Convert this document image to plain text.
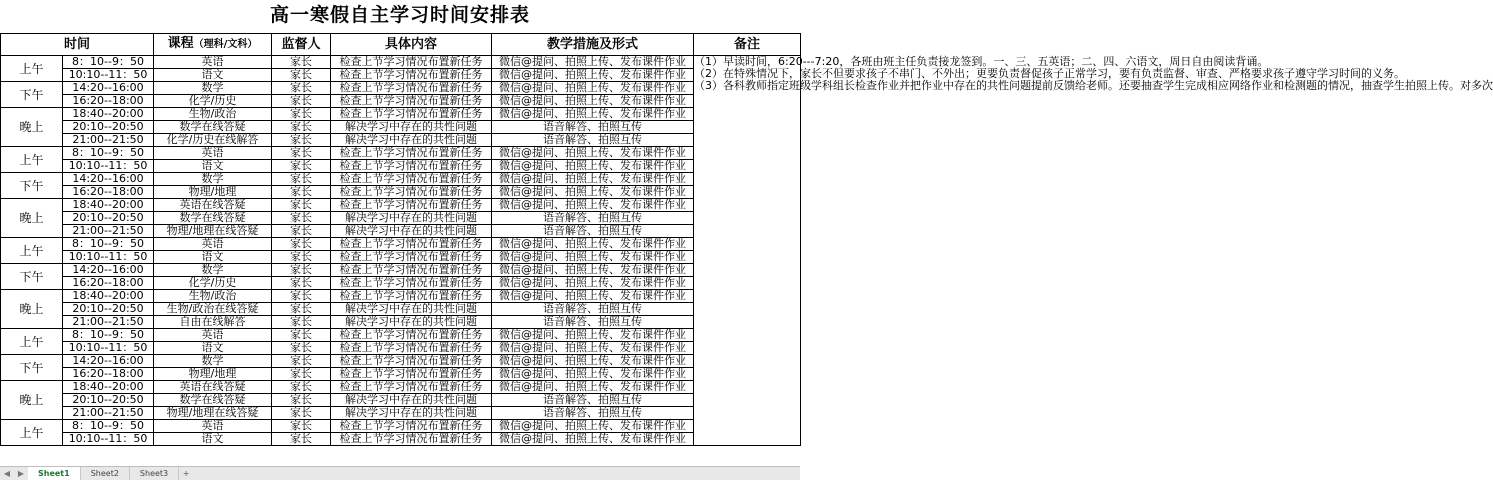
高一寒假自主学习时间安排表
时间		课程（理科/文科）	监督人	具体内容	教学措施及形式	备注
上午	8：10--9：50	英语	家长	检查上节学习情况布置新任务	微信@提问、拍照上传、发布课件作业	（1）早读时间，6:20---7:20，各班由班主任负责接龙签到。一、三、五英语；二、四、六语文，周日自由阅读背诵。

（2）在特殊情况下，家长不但要求孩子不串门、不外出；更要负责督促孩子正常学习，要有负责监督、审查、严格要求孩子遵守学习时间的义务。

（3）各科教师指定班级学科组长检查作业并把作业中存在的共性问题提前反馈给老师。还要抽查学生完成相应网络作业和检测题的情况，抽查学生拍照上传。对多次

	10:10--11：50	语文	家长	检查上节学习情况布置新任务	微信@提问、拍照上传、发布课件作业	
下午	14:20--16:00	数学	家长	检查上节学习情况布置新任务	微信@提问、拍照上传、发布课件作业	
	16:20--18:00	化学/历史	家长	检查上节学习情况布置新任务	微信@提问、拍照上传、发布课件作业	
晚上	18:40--20:00	生物/政治	家长	检查上节学习情况布置新任务	微信@提问、拍照上传、发布课件作业	
	20:10--20:50	数学在线答疑	家长	解决学习中存在的共性问题	语音解答、拍照互传	
	21:00--21:50	化学/历史在线解答	家长	解决学习中存在的共性问题	语音解答、拍照互传	
上午	8：10--9：50	英语	家长	检查上节学习情况布置新任务	微信@提问、拍照上传、发布课件作业	
	10:10--11：50	语文	家长	检查上节学习情况布置新任务	微信@提问、拍照上传、发布课件作业	
下午	14:20--16:00	数学	家长	检查上节学习情况布置新任务	微信@提问、拍照上传、发布课件作业	
	16:20--18:00	物理/地理	家长	检查上节学习情况布置新任务	微信@提问、拍照上传、发布课件作业	
晚上	18:40--20:00	英语在线答疑	家长	检查上节学习情况布置新任务	微信@提问、拍照上传、发布课件作业	
	20:10--20:50	数学在线答疑	家长	解决学习中存在的共性问题	语音解答、拍照互传	
	21:00--21:50	物理/地理在线答疑	家长	解决学习中存在的共性问题	语音解答、拍照互传	
上午	8：10--9：50	英语	家长	检查上节学习情况布置新任务	微信@提问、拍照上传、发布课件作业	
	10:10--11：50	语文	家长	检查上节学习情况布置新任务	微信@提问、拍照上传、发布课件作业	
下午	14:20--16:00	数学	家长	检查上节学习情况布置新任务	微信@提问、拍照上传、发布课件作业	
	16:20--18:00	化学/历史	家长	检查上节学习情况布置新任务	微信@提问、拍照上传、发布课件作业	
晚上	18:40--20:00	生物/政治	家长	检查上节学习情况布置新任务	微信@提问、拍照上传、发布课件作业	
	20:10--20:50	生物/政治在线答疑	家长	解决学习中存在的共性问题	语音解答、拍照互传	
	21:00--21:50	自由在线解答	家长	解决学习中存在的共性问题	语音解答、拍照互传	
上午	8：10--9：50	英语	家长	检查上节学习情况布置新任务	微信@提问、拍照上传、发布课件作业	
	10:10--11：50	语文	家长	检查上节学习情况布置新任务	微信@提问、拍照上传、发布课件作业	
下午	14:20--16:00	数学	家长	检查上节学习情况布置新任务	微信@提问、拍照上传、发布课件作业	
	16:20--18:00	物理/地理	家长	检查上节学习情况布置新任务	微信@提问、拍照上传、发布课件作业	
晚上	18:40--20:00	英语在线答疑	家长	检查上节学习情况布置新任务	微信@提问、拍照上传、发布课件作业	
	20:10--20:50	数学在线答疑	家长	解决学习中存在的共性问题	语音解答、拍照互传	
	21:00--21:50	物理/地理在线答疑	家长	解决学习中存在的共性问题	语音解答、拍照互传	
上午	8：10--9：50	英语	家长	检查上节学习情况布置新任务	微信@提问、拍照上传、发布课件作业	
	10:10--11：50	语文	家长	检查上节学习情况布置新任务	微信@提问、拍照上传、发布课件作业	
◀ ▶ Sheet1	Sheet2	Sheet3 +
